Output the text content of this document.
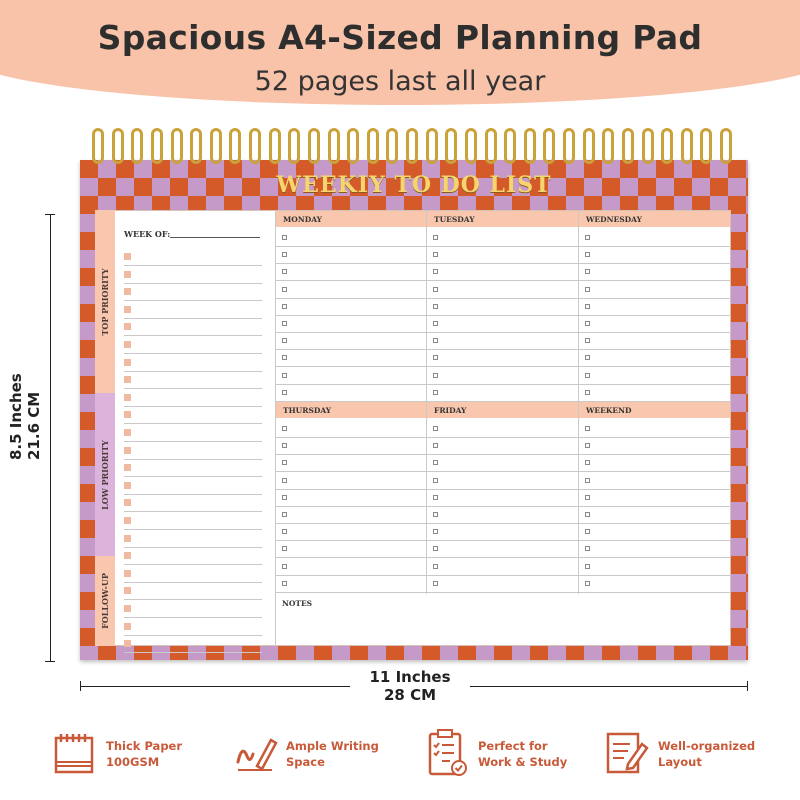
Spacious A4-Sized Planning Pad
52 pages last all year
8.5 Inches 21.6 CM
WEEKIY TO DO LIST
TOP PRIORITY
LOW PRIORITY
FOLLOW-UP
WEEK OF:
MONDAY	TUESDAY	WEDNESDAY
THURSDAY	FRIDAY	WEEKEND
NOTES
11 Inches
28 CM
Thick Paper
100GSM
Ample Writing
Space
Perfect for
Work & Study
Well-organized
Layout
